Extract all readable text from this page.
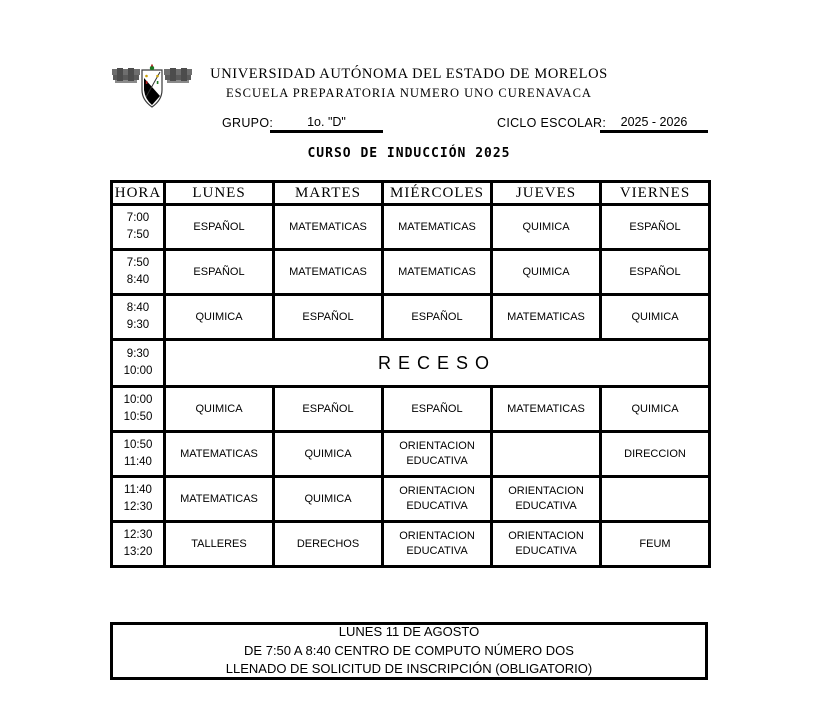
UNIVERSIDAD AUTÓNOMA DEL ESTADO DE MORELOS
ESCUELA PREPARATORIA NUMERO UNO CURENAVACA
GRUPO:	1o. "D"	CICLO ESCOLAR:	2025 - 2026
CURSO DE INDUCCIÓN 2025
HORA	LUNES	MARTES	MIÉRCOLES	JUEVES	VIERNES

7:00
7:50	ESPAÑOL	MATEMATICAS	MATEMATICAS	QUIMICA	ESPAÑOL

7:50
8:40	ESPAÑOL	MATEMATICAS	MATEMATICAS	QUIMICA	ESPAÑOL

8:40
9:30	QUIMICA	ESPAÑOL	ESPAÑOL	MATEMATICAS	QUIMICA

9:30
10:00	RECESO				

10:00
10:50	QUIMICA	ESPAÑOL	ESPAÑOL	MATEMATICAS	QUIMICA

10:50
11:40	MATEMATICAS	QUIMICA	ORIENTACION EDUCATIVA		DIRECCION

11:40
12:30	MATEMATICAS	QUIMICA	ORIENTACION EDUCATIVA	ORIENTACION EDUCATIVA	

12:30
13:20	TALLERES	DERECHOS	ORIENTACION EDUCATIVA	ORIENTACION EDUCATIVA	FEUM
LUNES 11 DE AGOSTO
DE 7:50 A 8:40 CENTRO DE COMPUTO NÚMERO DOS
LLENADO DE SOLICITUD DE INSCRIPCIÓN (OBLIGATORIO)
